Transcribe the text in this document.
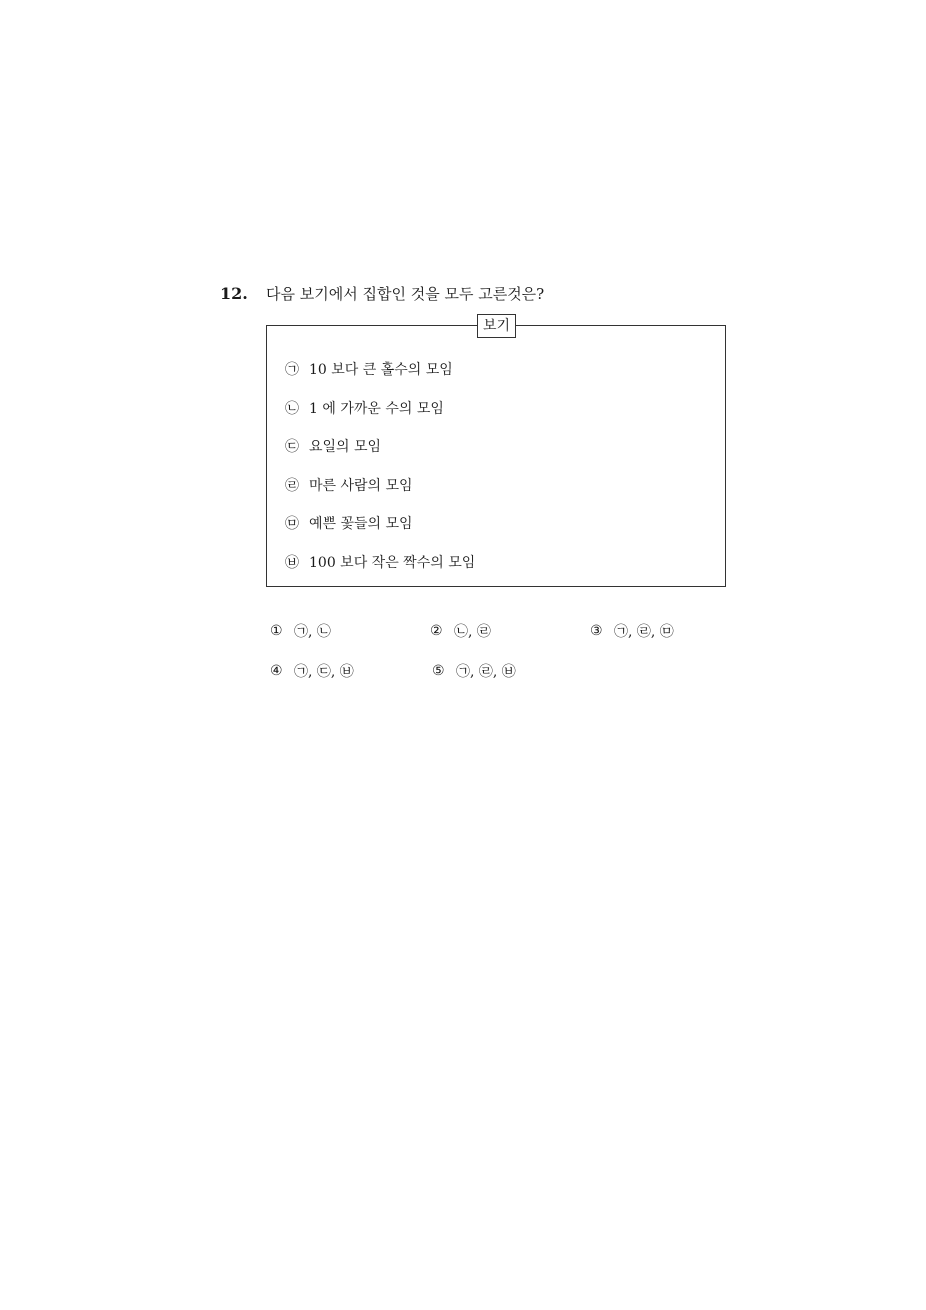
12.	다음 보기에서 집합인 것을 모두 고른것은?
보기
㉠ 10 보다 큰 홀수의 모임
㉡ 1 에 가까운 수의 모임
㉢ 요일의 모임
㉣ 마른 사람의 모임
㉤ 예쁜 꽃들의 모임
㉥ 100 보다 작은 짝수의 모임
① ㉠, ㉡	② ㉡, ㉣	③ ㉠, ㉣, ㉤
④ ㉠, ㉢, ㉥	⑤ ㉠, ㉣, ㉥
